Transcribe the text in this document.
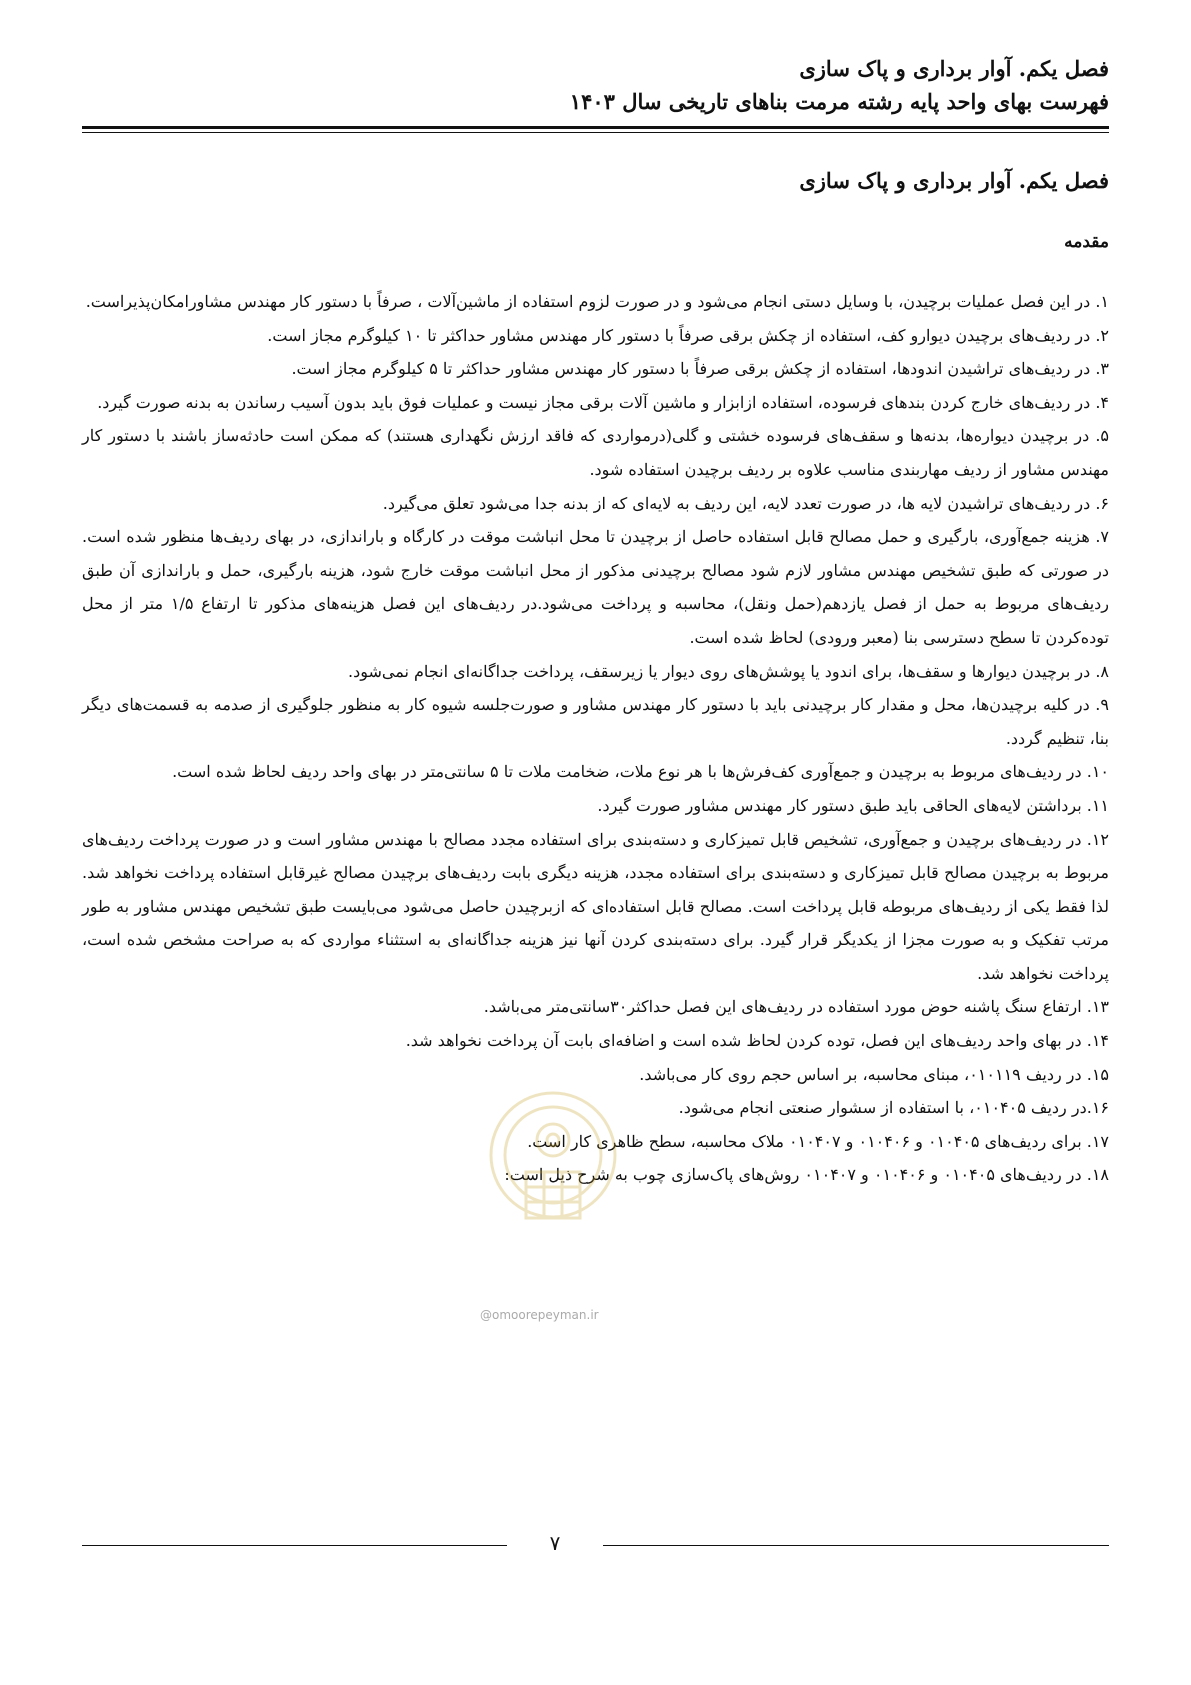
فصل یکم. آوار برداری و پاک سازی
فهرست بهای واحد پایه رشته مرمت بناهای تاریخی سال ۱۴۰۳
فصل یکم. آوار برداری و پاک سازی
مقدمه

۱. در این فصل عملیات برچیدن، با وسایل دستی انجام می‌شود و در صورت لزوم استفاده از ماشین‌آلات ، صرفاً با دستور کار مهندس مشاورامکان‌پذیراست.

۲. در ردیف‌های برچیدن دیوارو کف، استفاده از چکش برقی صرفاً با دستور کار مهندس مشاور حداکثر تا ۱۰ کیلوگرم مجاز است.

۳. در ردیف‌های تراشیدن اندودها، استفاده از چکش برقی صرفاً با دستور کار مهندس مشاور حداکثر تا ۵ کیلوگرم مجاز است.

۴. در ردیف‌های خارج کردن بندهای فرسوده، استفاده ازابزار و ماشین آلات برقی مجاز نیست و عملیات فوق باید بدون آسیب رساندن به بدنه صورت گیرد.

۵. در برچیدن دیواره‌ها، بدنه‌ها و سقف‌های فرسوده خشتی و گلی(درمواردی که فاقد ارزش نگهداری هستند) که ممکن است حادثه‌ساز باشند با دستور کار مهندس مشاور از ردیف مهاربندی مناسب علاوه بر ردیف برچیدن استفاده شود.

۶. در ردیف‌های تراشیدن لایه ها، در صورت تعدد لایه، این ردیف به لایه‌ای که از بدنه جدا می‌شود تعلق می‌گیرد.

۷. هزینه جمع‌آوری، بارگیری و حمل مصالح قابل استفاده حاصل از برچیدن تا محل انباشت موقت در کارگاه و باراندازی، در بهای ردیف‌ها منظور شده است. در صورتی که طبق تشخیص مهندس مشاور لازم شود مصالح برچیدنی مذکور از محل انباشت موقت خارج شود، هزینه بارگیری، حمل و باراندازی آن طبق ردیف‌های مربوط به حمل از فصل یازدهم(حمل ونقل)، محاسبه و پرداخت می‌شود.در ردیف‌های این فصل هزینه‌های مذکور تا ارتفاع ۱/۵ متر از محل توده‌کردن تا سطح دسترسی بنا (معبر ورودی) لحاظ شده است.

۸. در برچیدن دیوارها و سقف‌ها، برای اندود یا پوشش‌های روی دیوار یا زیرسقف، پرداخت جداگانه‌ای انجام نمی‌شود.

۹. در کلیه برچیدن‌ها، محل و مقدار کار برچیدنی باید با دستور کار مهندس مشاور و صورت‌جلسه شیوه کار به منظور جلوگیری از صدمه به قسمت‌های دیگر بنا، تنظیم گردد.

۱۰. در ردیف‌های مربوط به برچیدن و جمع‌آوری کف‌فرش‌ها با هر نوع ملات، ضخامت ملات تا ۵ سانتی‌متر در بهای واحد ردیف لحاظ شده است.

۱۱. برداشتن لایه‌های الحاقی باید طبق دستور کار مهندس مشاور صورت گیرد.

۱۲. در ردیف‌های برچیدن و جمع‌آوری، تشخیص قابل تمیزکاری و دسته‌بندی برای استفاده مجدد مصالح با مهندس مشاور است و در صورت پرداخت ردیف‌های مربوط به برچیدن مصالح قابل تمیزکاری و دسته‌بندی برای استفاده مجدد، هزینه دیگری بابت ردیف‌های برچیدن مصالح غیرقابل استفاده پرداخت نخواهد شد. لذا فقط یکی از ردیف‌های مربوطه قابل پرداخت است. مصالح قابل استفاده‌ای که ازبرچیدن حاصل می‌شود می‌بایست طبق تشخیص مهندس مشاور به طور مرتب تفکیک و به صورت مجزا از یکدیگر قرار گیرد. برای دسته‌بندی کردن آنها نیز هزینه جداگانه‌ای به استثناء مواردی که به صراحت مشخص شده است، پرداخت نخواهد شد.

۱۳. ارتفاع سنگ پاشنه حوض مورد استفاده در ردیف‌های این فصل حداکثر۳۰سانتی‌متر می‌باشد.

۱۴. در بهای واحد ردیف‌های این فصل، توده کردن لحاظ شده است و اضافه‌ای بابت آن پرداخت نخواهد شد.

۱۵. در ردیف ۰۱۰۱۱۹، مبنای محاسبه، بر اساس حجم روی کار می‌باشد.

۱۶.در ردیف ۰۱۰۴۰۵، با استفاده از سشوار صنعتی انجام می‌شود.

۱۷. برای ردیف‌های ۰۱۰۴۰۵ و ۰۱۰۴۰۶ و ۰۱۰۴۰۷ ملاک محاسبه، سطح ظاهری کار است.

۱۸. در ردیف‌های ۰۱۰۴۰۵ و ۰۱۰۴۰۶ و ۰۱۰۴۰۷ روش‌های پاک‌سازی چوب به شرح ذیل است:

@omoorepeyman.ir
۷
